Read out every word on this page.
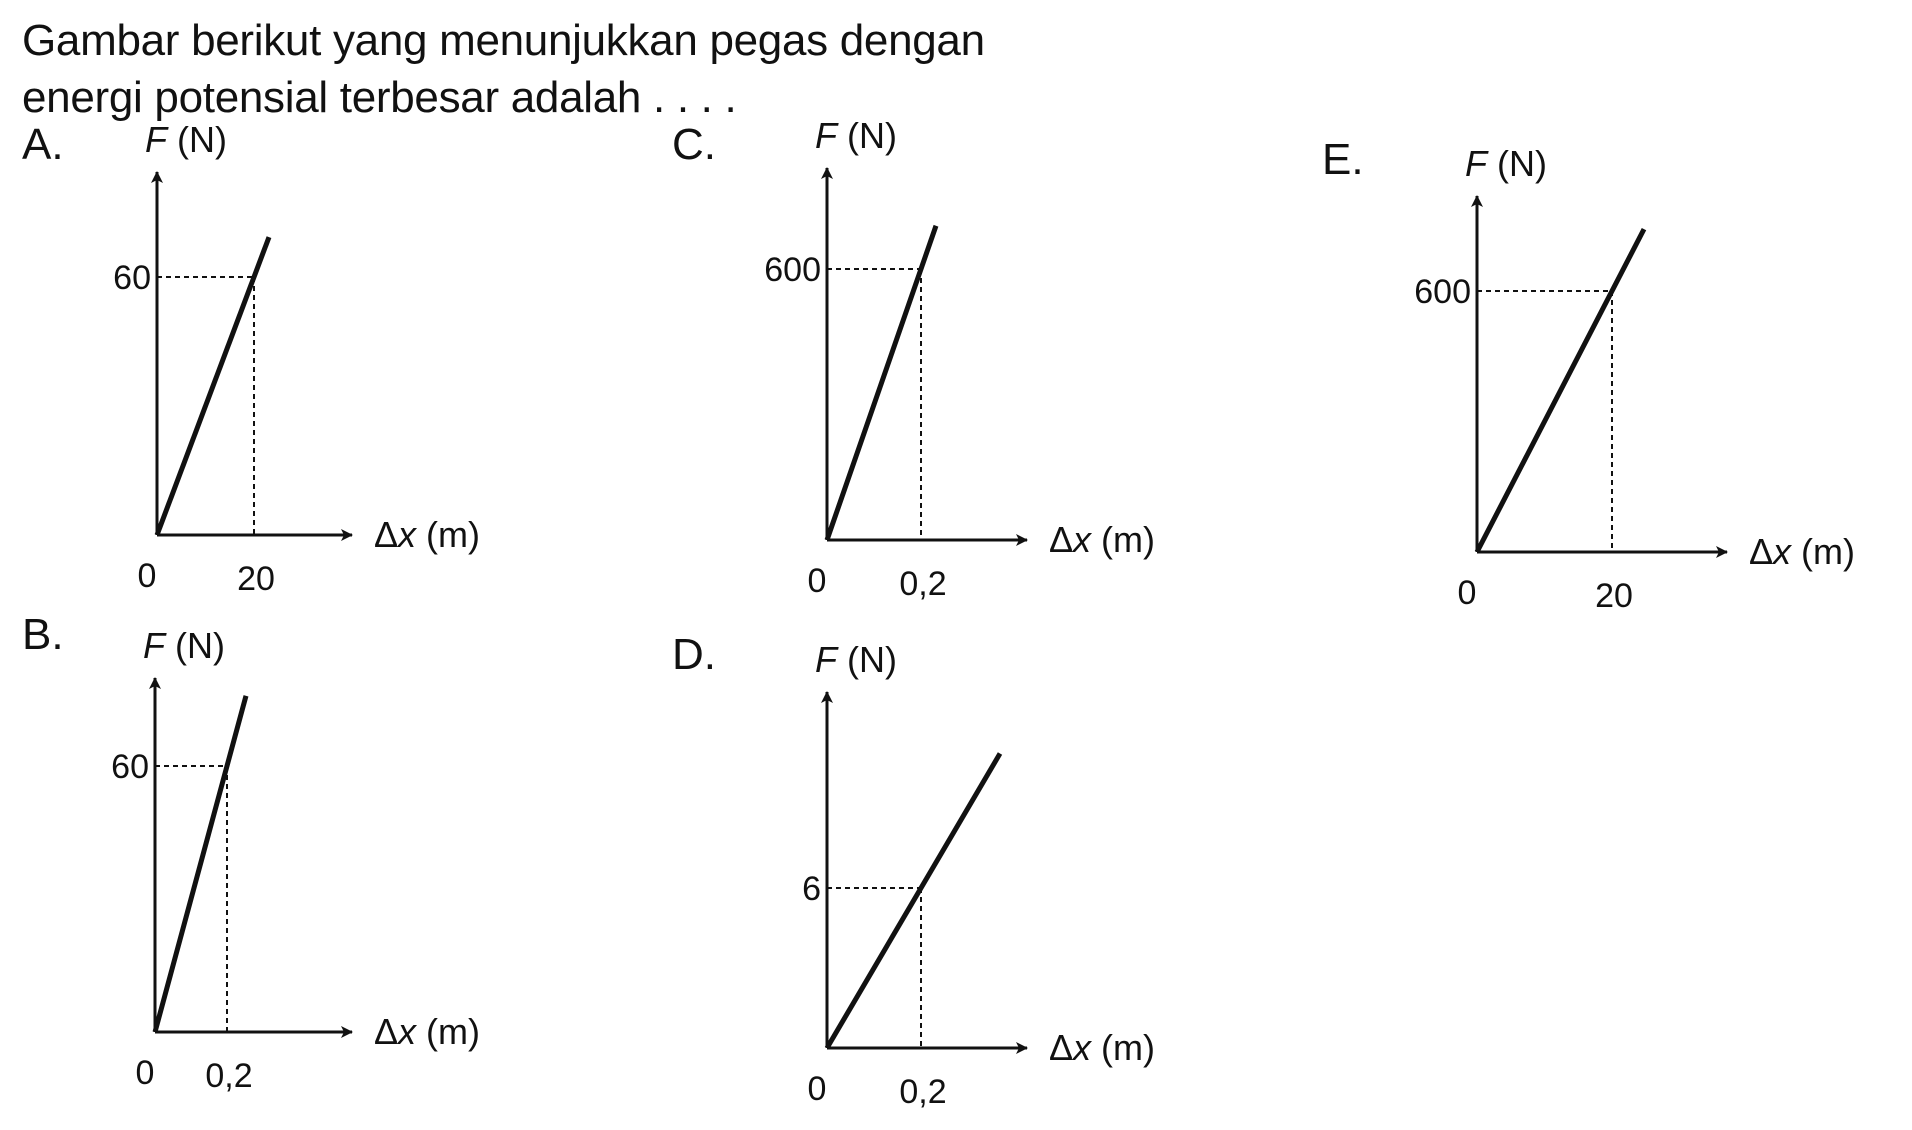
Gambar berikut yang menunjukkan pegas dengan
energi potensial terbesar adalah . . . .
A. F (N)
Δx (m)
0 20
60
B. F (N)
Δx (m)
0 0,2
60
C.	F (N)
Δx (m)
0 0,2
600
D.	F (N)
Δx (m)
0 0,2
6
E.	F (N)
Δx (m)
0	20
600
